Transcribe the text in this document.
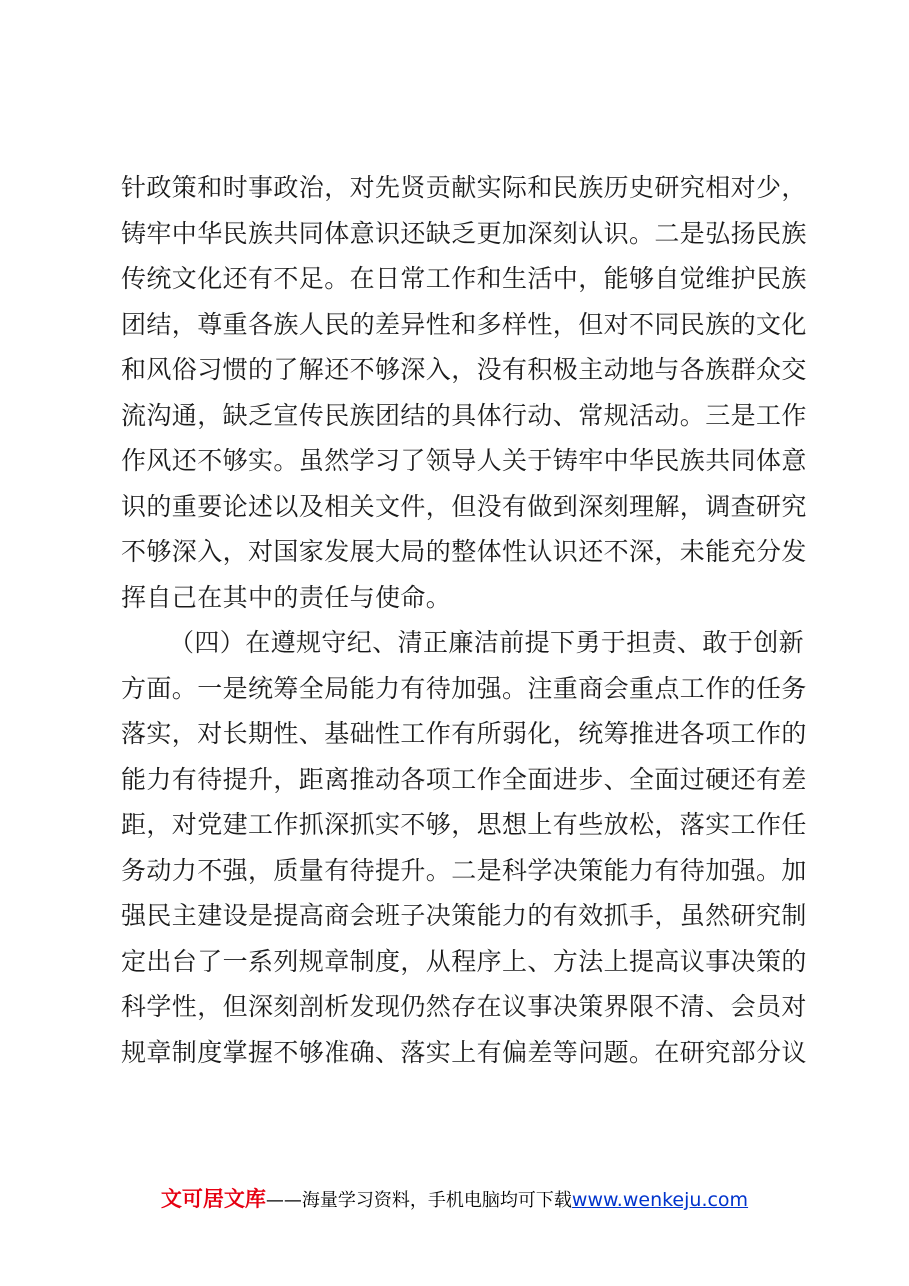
针政策和时事政治，对先贤贡献实际和民族历史研究相对少，
铸牢中华民族共同体意识还缺乏更加深刻认识。二是弘扬民族
传统文化还有不足。在日常工作和生活中，能够自觉维护民族
团结，尊重各族人民的差异性和多样性，但对不同民族的文化
和风俗习惯的了解还不够深入，没有积极主动地与各族群众交
流沟通，缺乏宣传民族团结的具体行动、常规活动。三是工作
作风还不够实。虽然学习了领导人关于铸牢中华民族共同体意
识的重要论述以及相关文件，但没有做到深刻理解，调查研究
不够深入，对国家发展大局的整体性认识还不深，未能充分发
挥自己在其中的责任与使命。
（四）在遵规守纪、清正廉洁前提下勇于担责、敢于创新
方面。一是统筹全局能力有待加强。注重商会重点工作的任务
落实，对长期性、基础性工作有所弱化，统筹推进各项工作的
能力有待提升，距离推动各项工作全面进步、全面过硬还有差
距，对党建工作抓深抓实不够，思想上有些放松，落实工作任
务动力不强，质量有待提升。二是科学决策能力有待加强。加
强民主建设是提高商会班子决策能力的有效抓手，虽然研究制
定出台了一系列规章制度，从程序上、方法上提高议事决策的
科学性，但深刻剖析发现仍然存在议事决策界限不清、会员对
规章制度掌握不够准确、落实上有偏差等问题。在研究部分议
文可居文库——海量学习资料，手机电脑均可下载www.wenkeju.com
